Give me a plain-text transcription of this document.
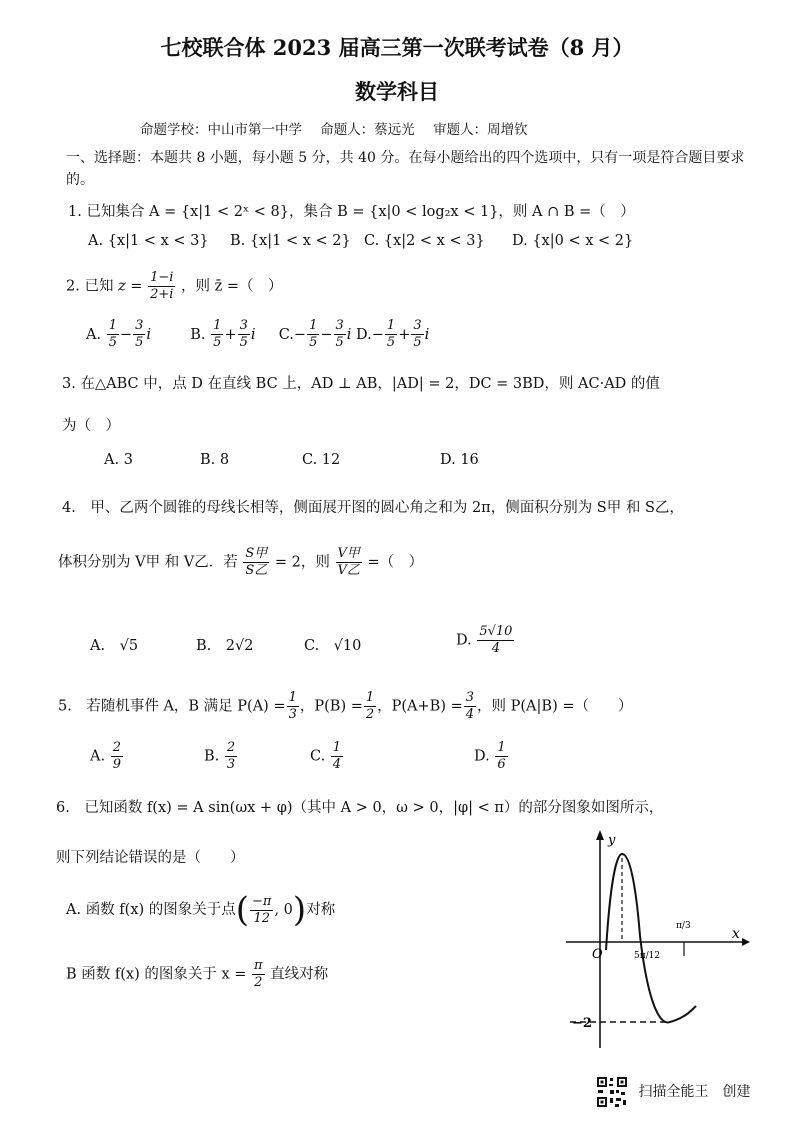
七校联合体 2023 届高三第一次联考试卷（8 月）
数学科目
命题学校：中山市第一中学 命题人：蔡远光 审题人：周增钦
一、选择题：本题共 8 小题，每小题 5 分，共 40 分。在每小题给出的四个选项中，只有一项是符合题目要求的。
1. 已知集合 A = {x|1 < 2ˣ < 8}，集合 B = {x|0 < log₂x < 1}，则 A ∩ B =（　）
A. {x|1 < x < 3} B. {x|1 < x < 2} C. {x|2 < x < 3} D. {x|0 < x < 2}
2. 已知 $z = \frac{1-i}{2+i}$ ，则 z̄ =（　）
A. $\frac{1}{5} - \frac{3}{5}$ i	B. $\frac{1}{5} + \frac{3}{5}$ i $C.- \frac{1}{5} - \frac{3}{5}$ i $D.- \frac{1}{5} + \frac{3}{5}$ i
3. 在△ABC 中，点 D 在直线 BC 上，AD ⊥ AB，|AD| = 2，DC = 3BD，则 AC·AD 的值
为（　）
A. 3	B. 8	C. 12	D. 16
4.　甲、乙两个圆锥的母线长相等，侧面展开图的圆心角之和为 2π，侧面积分别为 S甲 和 S乙，
体积分别为 V甲 和 V乙．若 $\frac{\text{S甲}}{\text{S乙}} = 2$，则 $\frac{\text{V甲}}{\text{V乙}}$ =（　）
A.　√5	B.　2√2	C.　√10	D. $\frac{5√10}{4}$
5.　若随机事件 A，B 满足 $P(A) = \frac{1}{3}$ ，$P(B) = \frac{1}{2}$ ，$P(A+B) = \frac{3}{4}$ ，则 P(A|B) =（　　）
A. $\frac{2}{9}$	B. $\frac{2}{3}$	C. $\frac{1}{4}$	D. $\frac{1}{6}$
6.　已知函数 f(x) = A sin(ωx + φ)（其中 A > 0，ω > 0，|φ| < π）的部分图象如图所示，
则下列结论错误的是（　　）
A. 函数 f(x) 的图象关于点( $\frac{-\pi}{12}$ , 0)对称
B 函数 f(x) 的图象关于 $x = \frac{\pi}{2}$ 直线对称
y
x
O	5π/12
π/3
−2
扫描全能王　创建
